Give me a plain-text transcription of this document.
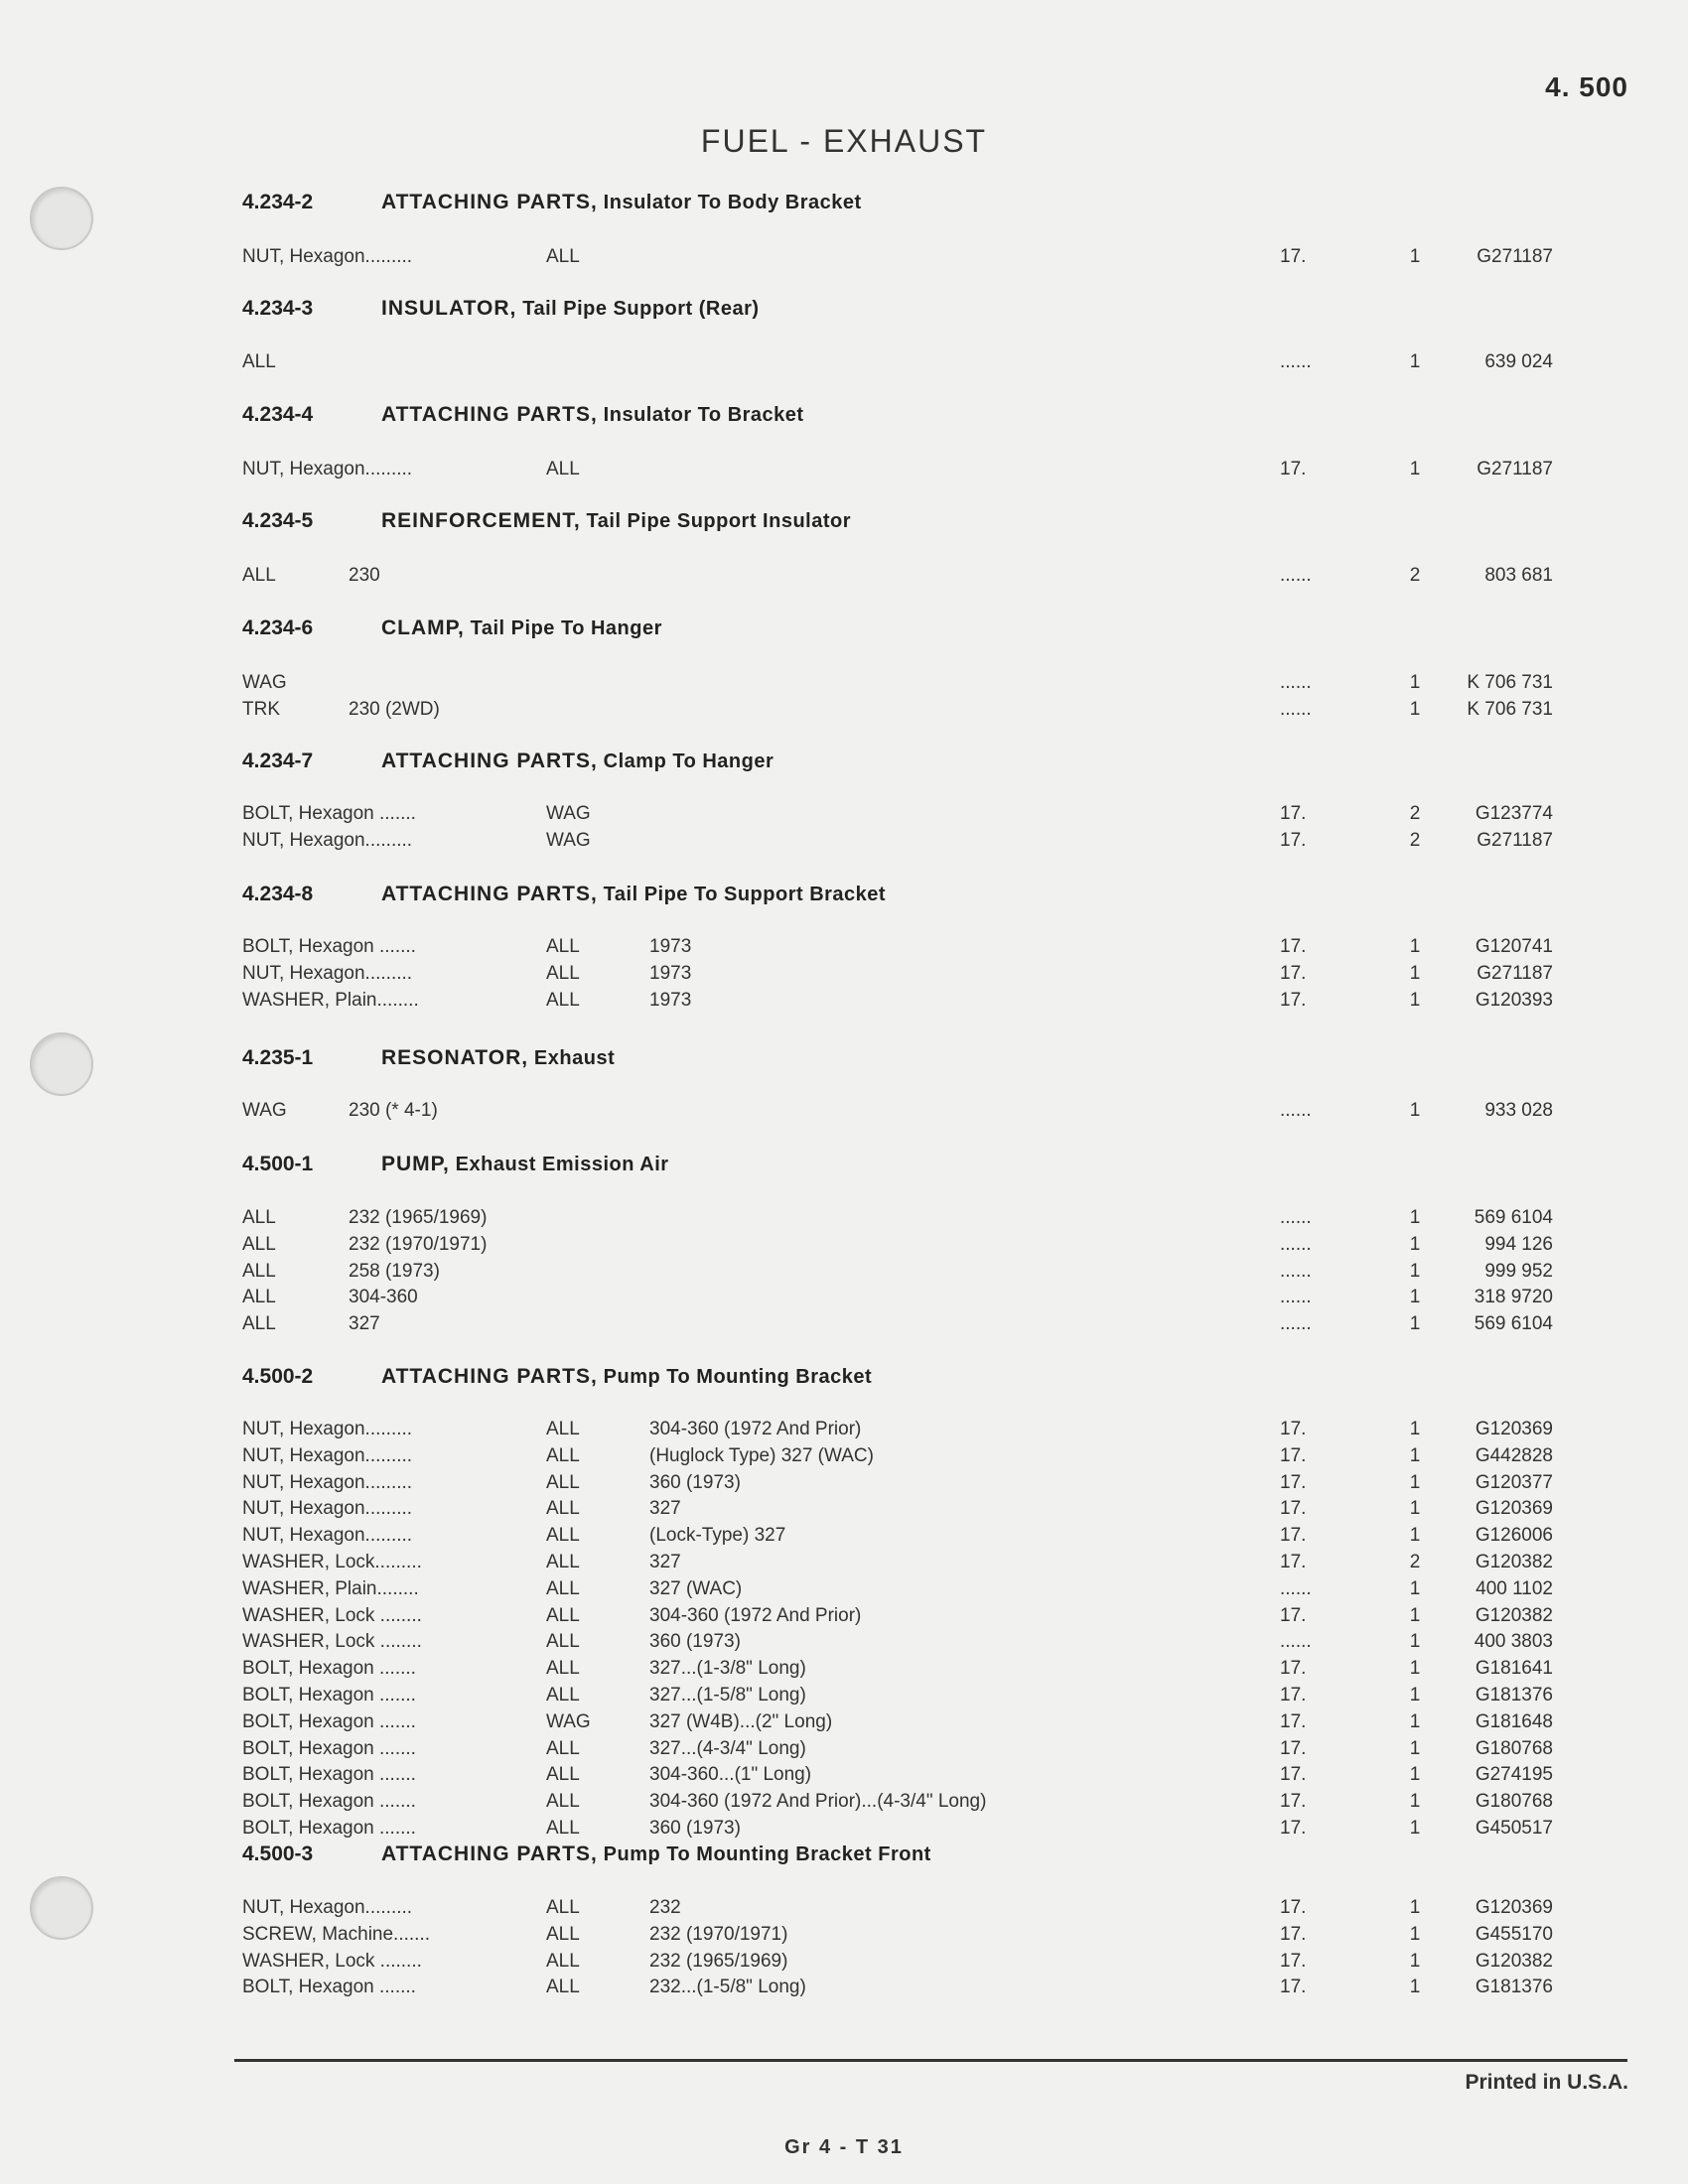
4. 500
FUEL - EXHAUST
4.234-2	ATTACHING PARTS, Insulator To Body Bracket
NUT, Hexagon.........	ALL	17.	1	G271187
4.234-3	INSULATOR, Tail Pipe Support (Rear)
ALL	......	1	639 024
4.234-4	ATTACHING PARTS, Insulator To Bracket
NUT, Hexagon.........	ALL	17.	1	G271187
4.234-5	REINFORCEMENT, Tail Pipe Support Insulator
ALL	230	......	2	803 681
4.234-6	CLAMP, Tail Pipe To Hanger
WAG	......	1	K 706 731
TRK	230 (2WD)	......	1	K 706 731
4.234-7	ATTACHING PARTS, Clamp To Hanger
BOLT, Hexagon .......	WAG	17.	2	G123774
NUT, Hexagon.........	WAG	17.	2	G271187
4.234-8	ATTACHING PARTS, Tail Pipe To Support Bracket
BOLT, Hexagon .......	ALL	1973	17.	1	G120741
NUT, Hexagon.........	ALL	1973	17.	1	G271187
WASHER, Plain........	ALL	1973	17.	1	G120393
4.235-1	RESONATOR, Exhaust
WAG	230 (* 4-1)	......	1	933 028
4.500-1	PUMP, Exhaust Emission Air
ALL	232 (1965/1969)	......	1	569 6104
ALL	232 (1970/1971)	......	1	994 126
ALL	258 (1973)	......	1	999 952
ALL	304-360	......	1	318 9720
ALL	327	......	1	569 6104
4.500-2	ATTACHING PARTS, Pump To Mounting Bracket
NUT, Hexagon.........	ALL	304-360 (1972 And Prior)	17.	1	G120369
NUT, Hexagon.........	ALL	(Huglock Type) 327 (WAC)	17.	1	G442828
NUT, Hexagon.........	ALL	360 (1973)	17.	1	G120377
NUT, Hexagon.........	ALL	327	17.	1	G120369
NUT, Hexagon.........	ALL	(Lock-Type) 327	17.	1	G126006
WASHER, Lock.........	ALL	327	17.	2	G120382
WASHER, Plain........	ALL	327 (WAC)	......	1	400 1102
WASHER, Lock ........	ALL	304-360 (1972 And Prior)	17.	1	G120382
WASHER, Lock ........	ALL	360 (1973)	......	1	400 3803
BOLT, Hexagon .......	ALL	327...(1-3/8" Long)	17.	1	G181641
BOLT, Hexagon .......	ALL	327...(1-5/8" Long)	17.	1	G181376
BOLT, Hexagon .......	WAG	327 (W4B)...(2" Long)	17.	1	G181648
BOLT, Hexagon .......	ALL	327...(4-3/4" Long)	17.	1	G180768
BOLT, Hexagon .......	ALL	304-360...(1" Long)	17.	1	G274195
BOLT, Hexagon .......	ALL	304-360 (1972 And Prior)...(4-3/4" Long)	17.	1	G180768
BOLT, Hexagon .......	ALL	360 (1973)	17.	1	G450517
4.500-3	ATTACHING PARTS, Pump To Mounting Bracket Front
NUT, Hexagon.........	ALL	232	17.	1	G120369
SCREW, Machine.......	ALL	232 (1970/1971)	17.	1	G455170
WASHER, Lock ........	ALL	232 (1965/1969)	17.	1	G120382
BOLT, Hexagon .......	ALL	232...(1-5/8" Long)	17.	1	G181376
Printed in U.S.A.
Gr 4 - T 31
